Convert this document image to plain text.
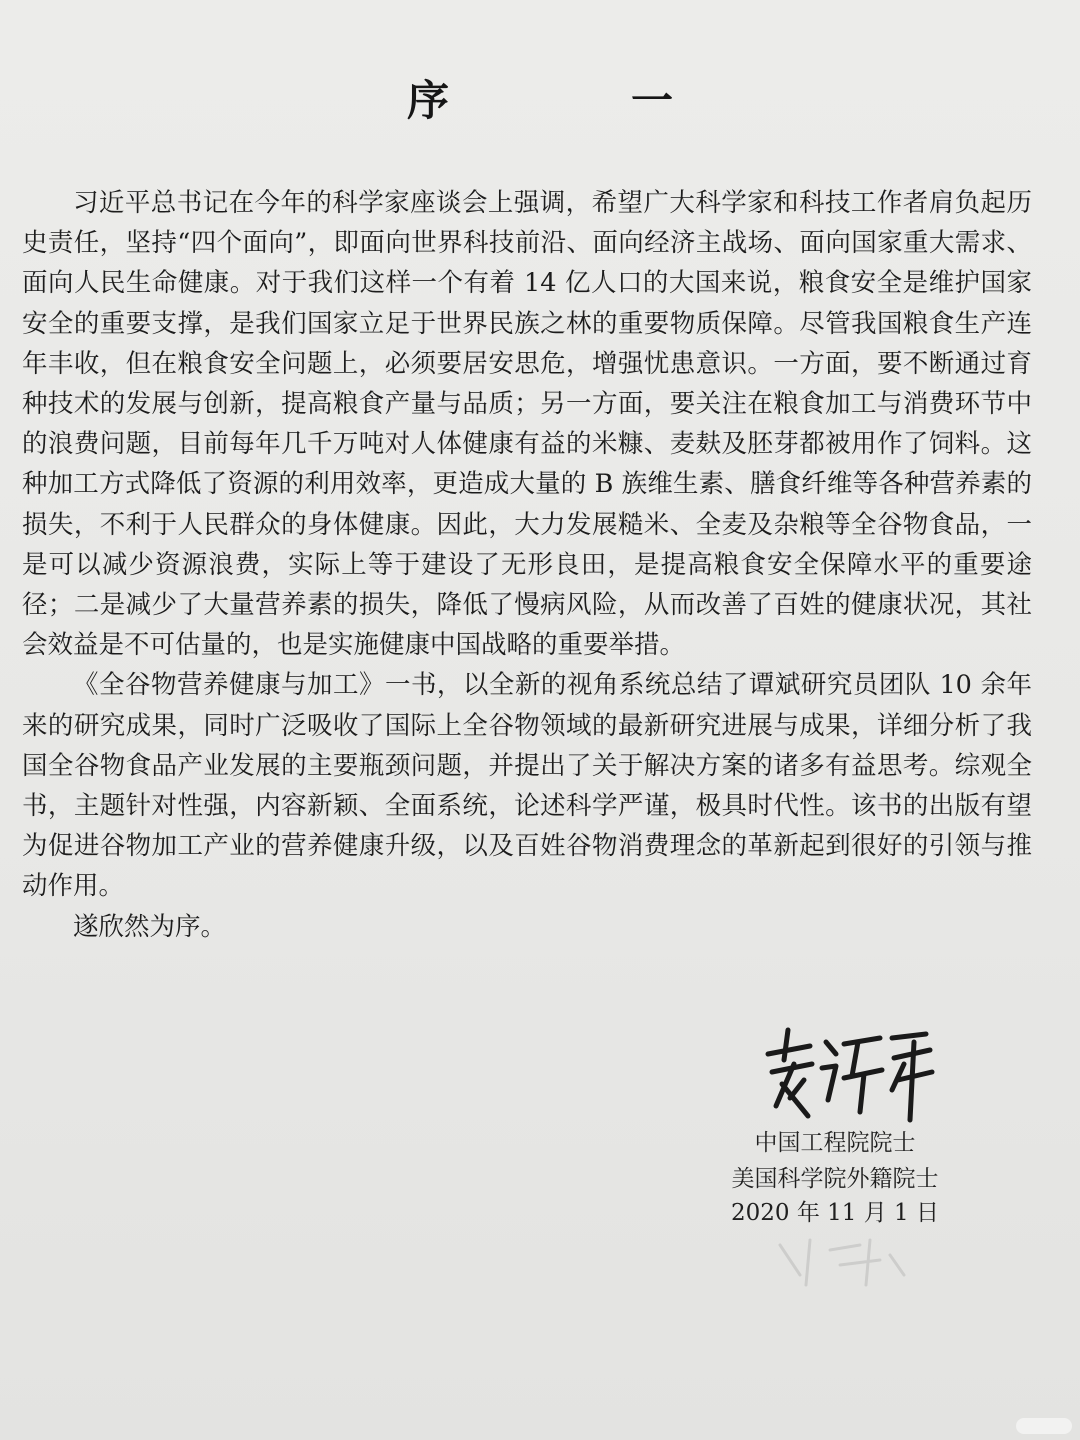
序　一

习近平总书记在今年的科学家座谈会上强调，希望广大科学家和科技工作者肩负起历史责任，坚持“四个面向”，即面向世界科技前沿、面向经济主战场、面向国家重大需求、面向人民生命健康。对于我们这样一个有着 14 亿人口的大国来说，粮食安全是维护国家安全的重要支撑，是我们国家立足于世界民族之林的重要物质保障。尽管我国粮食生产连年丰收，但在粮食安全问题上，必须要居安思危，增强忧患意识。一方面，要不断通过育种技术的发展与创新，提高粮食产量与品质；另一方面，要关注在粮食加工与消费环节中的浪费问题，目前每年几千万吨对人体健康有益的米糠、麦麸及胚芽都被用作了饲料。这种加工方式降低了资源的利用效率，更造成大量的 B 族维生素、膳食纤维等各种营养素的损失，不利于人民群众的身体健康。因此，大力发展糙米、全麦及杂粮等全谷物食品，一是可以减少资源浪费，实际上等于建设了无形良田，是提高粮食安全保障水平的重要途径；二是减少了大量营养素的损失，降低了慢病风险，从而改善了百姓的健康状况，其社会效益是不可估量的，也是实施健康中国战略的重要举措。

《全谷物营养健康与加工》一书，以全新的视角系统总结了谭斌研究员团队 10 余年来的研究成果，同时广泛吸收了国际上全谷物领域的最新研究进展与成果，详细分析了我国全谷物食品产业发展的主要瓶颈问题，并提出了关于解决方案的诸多有益思考。综观全书，主题针对性强，内容新颖、全面系统，论述科学严谨，极具时代性。该书的出版有望为促进谷物加工产业的营养健康升级，以及百姓谷物消费理念的革新起到很好的引领与推动作用。

遂欣然为序。

中国工程院院士
美国科学院外籍院士
2020 年 11 月 1 日
